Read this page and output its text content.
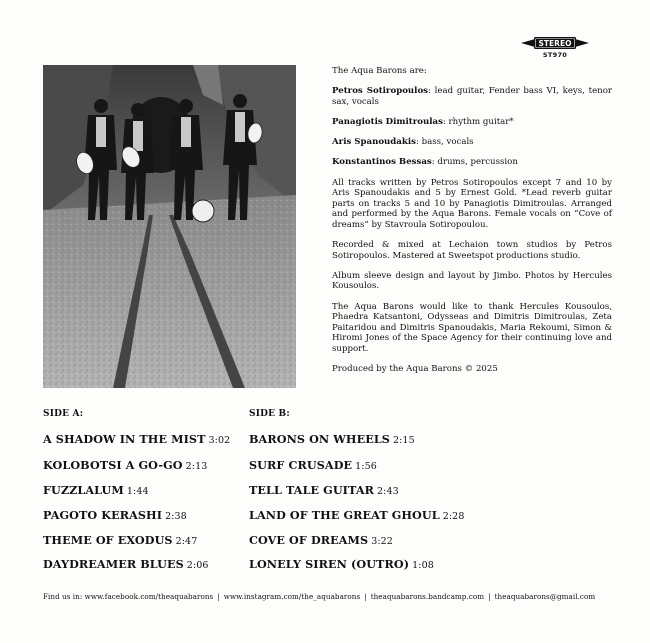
STEREO
ST970

The Aqua Barons are:

Petros Sotiropoulos: lead guitar, Fender bass VI, keys, tenor sax, vocals

Panagiotis Dimitroulas: rhythm guitar*

Aris Spanoudakis: bass, vocals

Konstantinos Bessas: drums, percussion

All tracks written by Petros Sotiropoulos except 7 and 10 by Aris Spanoudakis and 5 by Ernest Gold. *Lead reverb guitar parts on tracks 5 and 10 by Panagiotis Dimitroulas. Arranged and performed by the Aqua Barons. Female vocals on “Cove of dreams” by Stavroula Sotiropoulou.

Recorded & mixed at Lechaion town studios by Petros Sotiropoulos. Mastered at Sweetspot productions studio.

Album sleeve design and layout by Jimbo. Photos by Hercules Kousoulos.

The Aqua Barons would like to thank Hercules Kousoulos, Phaedra Katsantoni, Odysseas and Dimitris Dimitroulas, Zeta Paitaridou and Dimitris Spanoudakis, Maria Rekoumi, Simon & Hiromi Jones of the Space Agency for their continuing love and support.

Produced by the Aqua Barons © 2025

SIDE A:
A SHADOW IN THE MIST 3:02
KOLOBOTSI A GO-GO 2:13
FUZZLALUM 1:44
PAGOTO KERASHI 2:38
THEME OF EXODUS 2:47
DAYDREAMER BLUES 2:06
SIDE B:
BARONS ON WHEELS 2:15
SURF CRUSADE 1:56
TELL TALE GUITAR 2:43
LAND OF THE GREAT GHOUL 2:28
COVE OF DREAMS 3:22
LONELY SIREN (OUTRO) 1:08
Find us in: www.facebook.com/theaquabarons | www.instagram.com/the_aquabarons | theaquabarons.bandcamp.com | theaquabarons@gmail.com
